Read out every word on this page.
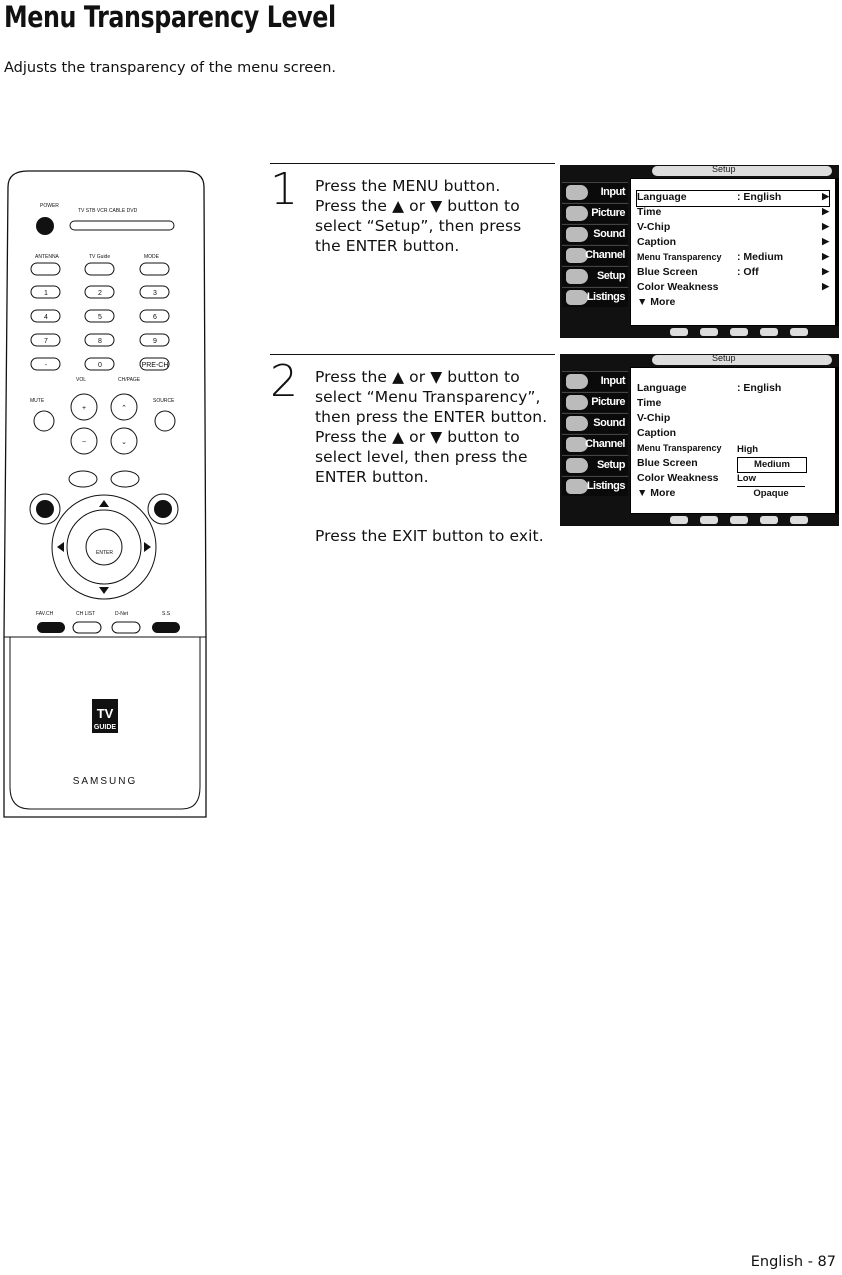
Menu Transparency Level
Adjusts the transparency of the menu screen.
POWER
TV STB VCR CABLE DVD
ANTENNA	TV Guide	MODE
1	2	3
4	5	6
7	8	9
-	0	PRE-CH
VOL	CH/PAGE
MUTE	SOURCE
+	⌃
−	⌄
ENTER
FAV.CH	CH LIST	D-Net	S.S
TV
GUIDE
SAMSUNG
1 Press the MENU button.
Press the ▲ or ▼ button to
select “Setup”, then press
the ENTER button.
Setup
Input
Picture
Sound
Channel
Setup
Listings
Language	: English	▶
Time	▶
V-Chip	▶
Caption	▶
Menu Transparency : Medium	▶
Blue Screen	: Off	▶
Color Weakness	▶
▼ More
2 Press the ▲ or ▼ button to
select “Menu Transparency”,
then press the ENTER button.
Press the ▲ or ▼ button to
select level, then press the
ENTER button.
Press the EXIT button to exit.
Setup
Input
Picture
Sound
Channel
Setup
Listings
Language	: English
Time
V-Chip
Caption
Menu Transparency
Blue Screen
Color Weakness
▼ More
High
Medium
Low
Opaque
English - 87
